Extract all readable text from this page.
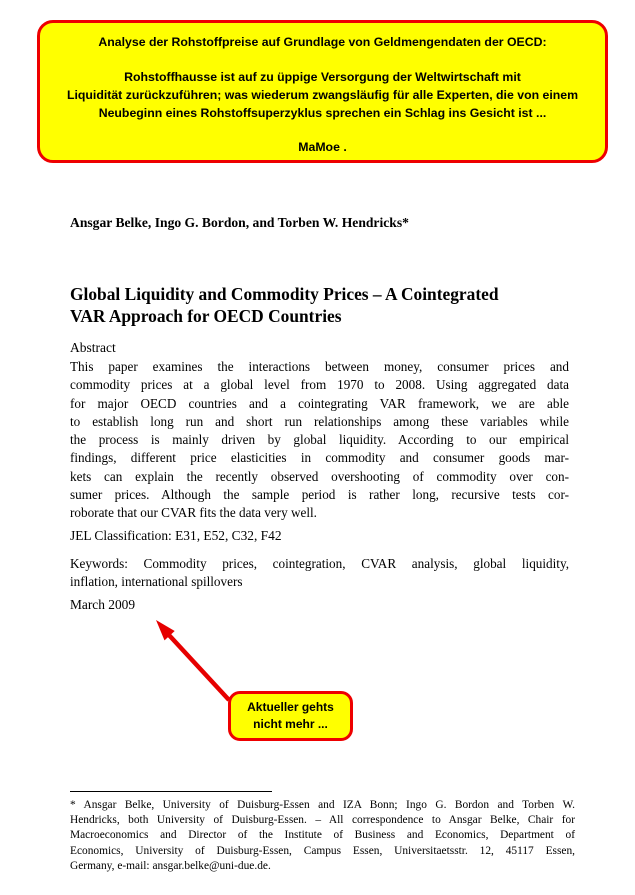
Analyse der Rohstoffpreise auf Grundlage von Geldmengendaten der OECD:
Rohstoffhausse ist auf zu üppige Versorgung der Weltwirtschaft mit
Liquidität zurückzuführen; was wiederum zwangsläufig für alle Experten, die von einem
Neubeginn eines Rohstoffsuperzyklus sprechen ein Schlag ins Gesicht ist ...
MaMoe .
Ansgar Belke, Ingo G. Bordon, and Torben W. Hendricks*
Global Liquidity and Commodity Prices – A Cointegrated
VAR Approach for OECD Countries
Abstract
This paper examines the interactions between money, consumer prices and
commodity prices at a global level from 1970 to 2008. Using aggregated data
for major OECD countries and a cointegrating VAR framework, we are able
to establish long run and short run relationships among these variables while
the process is mainly driven by global liquidity. According to our empirical
findings, different price elasticities in commodity and consumer goods mar-
kets can explain the recently observed overshooting of commodity over con-
sumer prices. Although the sample period is rather long, recursive tests cor-
roborate that our CVAR fits the data very well.
JEL Classification: E31, E52, C32, F42
Keywords: Commodity prices, cointegration, CVAR analysis, global liquidity,
inflation, international spillovers
March 2009
Aktueller gehts
nicht mehr ...
* Ansgar Belke, University of Duisburg-Essen and IZA Bonn; Ingo G. Bordon and Torben W.
Hendricks, both University of Duisburg-Essen. – All correspondence to Ansgar Belke, Chair for
Macroeconomics and Director of the Institute of Business and Economics, Department of
Economics, University of Duisburg-Essen, Campus Essen, Universitaetsstr. 12, 45117 Essen,
Germany, e-mail: ansgar.belke@uni-due.de.
